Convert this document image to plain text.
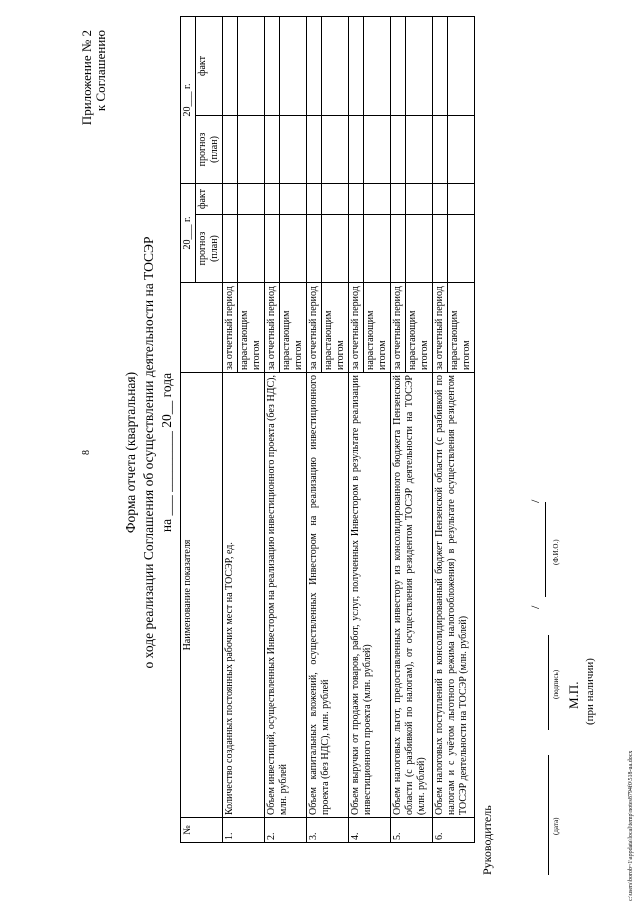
8
Приложение № 2 к Соглашению
Форма отчета (квартальная) о ходе реализации Соглашения об осуществлении деятельности на ТОСЭР на ___ _________ 20__ года
№	Наименование показателя		20___ г.		20___ г.	
			прогноз (план)	факт	прогноз (план)	факт
1.	Количество созданных постоянных рабочих мест на ТОСЭР, ед.	за отчетный период				
		нарастающим итогом				
2.	Объем инвестиций, осуществленных Инвестором на реализацию инвестиционного проекта (без НДС), млн. рублей	за отчетный период				
		нарастающим итогом				
3.	Объем капитальных вложений, осуществленных Инвестором на реализацию инвестиционного проекта (без НДС), млн. рублей	за отчетный период				
		нарастающим итогом				
4.	Объем выручки от продажи товаров, работ, услуг, полученных Инвестором в результате реализации инвестиционного проекта (млн. рублей)	за отчетный период				
		нарастающим итогом				
5.	Объем налоговых льгот, предоставленных инвестору из консолидированного бюджета Пензенской области (с разбивкой по налогам), от осуществления резидентом ТОСЭР деятельности на ТОСЭР (млн. рублей)	за отчетный период				
		нарастающим итогом				
6.	Объем налоговых поступлений в консолидированный бюджет Пензенской области (с разбивкой по налогам и с учётом льготного режима налогообложения) в результате осуществления резидентом ТОСЭР деятельности на ТОСЭР (млн. рублей)	за отчетный период				
		нарастающим итогом				
Руководитель	(дата)
(подпись)
/
/
(Ф.И.О.)
М.П. (при наличии)
c:\users\borob~1\appdata\local\temp\notes8794f0\518-ua.docx
